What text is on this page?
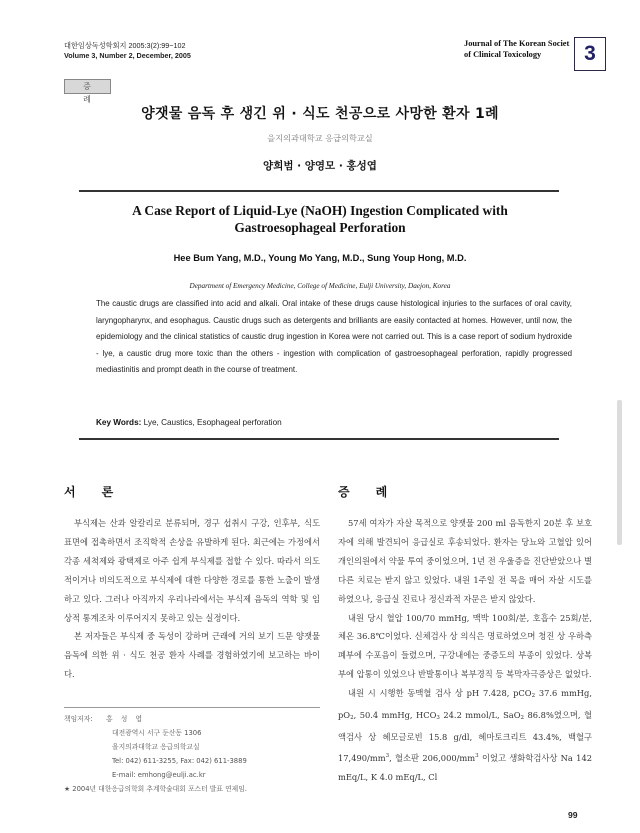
대한임상독성학회지 2005:3(2):99~102
Volume 3, Number 2, December, 2005
Journal of The Korean Societ
of Clinical Toxicology	3
증 례
양잿물 음독 후 생긴 위 · 식도 천공으로 사망한 환자 1례
을지의과대학교 응급의학교실
양희범 · 양영모 · 홍성엽
A Case Report of Liquid-Lye (NaOH) Ingestion Complicated with
Gastroesophageal Perforation
Hee Bum Yang, M.D., Young Mo Yang, M.D., Sung Youp Hong, M.D.
Department of Emergency Medicine, College of Medicine, Eulji University, Daejon, Korea
The caustic drugs are classified into acid and alkali. Oral intake of these drugs cause histological injuries to the surfaces of oral cavity, laryngopharynx, and esophagus. Caustic drugs such as detergents and brilliants are easily contacted at homes. However, until now, the epidemiology and the clinical statistics of caustic drug ingestion in Korea were not carried out. This is a case report of sodium hydroxide - lye, a caustic drug more toxic than the others - ingestion with complication of gastroesophageal perforation, rapidly progressed mediastinitis and prompt death in the course of treatment.
Key Words: Lye, Caustics, Esophageal perforation
서론	증례

부식제는 산과 알칼리로 분류되며, 경구 섭취시 구강, 인후부, 식도 표면에 접촉하면서 조직학적 손상을 유발하게 된다. 최근에는 가정에서 각종 세척제와 광택제로 아주 쉽게 부식제를 접할 수 있다. 따라서 의도적이거나 비의도적으로 부식제에 대한 다양한 경로를 통한 노출이 발생하고 있다. 그러나 아직까지 우리나라에서는 부식제 음독의 역학 및 임상적 통계조차 이루어지지 못하고 있는 실정이다.

본 저자들은 부식제 중 독성이 강하며 근래에 거의 보기 드문 양잿물 음독에 의한 위 · 식도 천공 환자 사례를 경험하였기에 보고하는 바이다.

57세 여자가 자살 목적으로 양잿물 200 ml 음독한지 20분 후 보호자에 의해 발견되어 응급실로 후송되었다. 환자는 당뇨와 고혈압 있어 개인의원에서 약물 투여 중이었으며, 1년 전 우울증을 진단받았으나 별다른 치료는 받지 않고 있었다. 내원 1주일 전 목을 매어 자살 시도를 하였으나, 응급실 진료나 정신과적 자문은 받지 않았다.

내원 당시 혈압 100/70 mmHg, 맥박 100회/분, 호흡수 25회/분, 체온 36.8℃이었다. 신체검사 상 의식은 명료하였으며 청진 상 우하측 폐부에 수포음이 들렸으며, 구강내에는 중증도의 부종이 있었다. 상복부에 압통이 있었으나 반발통이나 복부경직 등 복막자극증상은 없었다.

내원 시 시행한 동맥혈 검사 상 pH 7.428, pCO$_2$ 37.6 mmHg, $pO_2$, 50.4 mmHg, $HCO_3$ 24.2 mmol/L, SaO$_2$ 86.8%였으며, 혈액검사 상 헤모글로빈 15.8 g/dl, 헤마토크리트 43.4%, 백혈구 $17,490/mm^3$, 혈소판 $206,000/mm^3$ 이었고 생화학검사상 Na 142 mEq/L, K 4.0 mEq/L, Cl

책임저자: 홍 성 엽
대전광역시 서구 둔산동 1306
을지의과대학교 응급의학교실
Tel: 042) 611-3255, Fax: 042) 611-3889
E-mail: emhong@eulji.ac.kr
★ 2004년 대한응급의학회 추계학술대회 포스터 발표 연제임.
99
